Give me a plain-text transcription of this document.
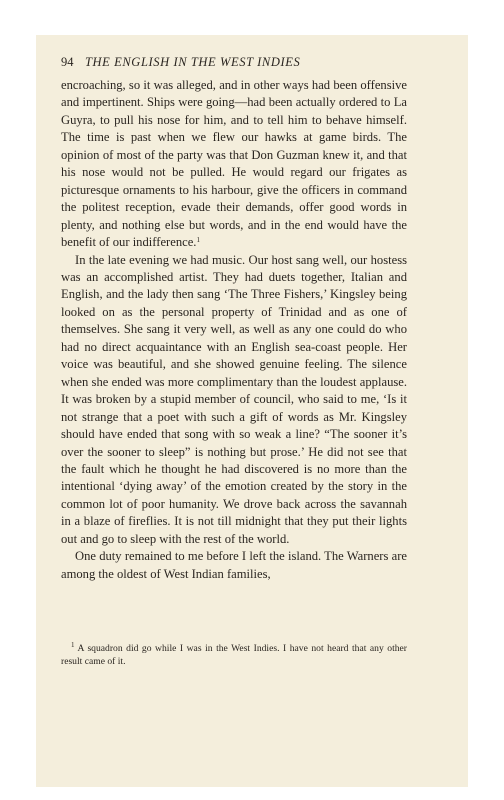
94 THE ENGLISH IN THE WEST INDIES

encroaching, so it was alleged, and in other ways had been offensive and impertinent. Ships were going—had been actually ordered to La Guyra, to pull his nose for him, and to tell him to behave himself. The time is past when we flew our hawks at game birds. The opinion of most of the party was that Don Guzman knew it, and that his nose would not be pulled. He would regard our frigates as picturesque ornaments to his harbour, give the officers in command the politest reception, evade their demands, offer good words in plenty, and nothing else but words, and in the end would have the benefit of our indifference.$^1$

In the late evening we had music. Our host sang well, our hostess was an accomplished artist. They had duets together, Italian and English, and the lady then sang ‘The Three Fishers,’ Kingsley being looked on as the personal property of Trinidad and as one of themselves. She sang it very well, as well as any one could do who had no direct acquaintance with an English sea-coast people. Her voice was beautiful, and she showed genuine feeling. The silence when she ended was more complimentary than the loudest applause. It was broken by a stupid member of council, who said to me, ‘Is it not strange that a poet with such a gift of words as Mr. Kingsley should have ended that song with so weak a line? “The sooner it’s over the sooner to sleep” is nothing but prose.’ He did not see that the fault which he thought he had discovered is no more than the intentional ‘dying away’ of the emotion created by the story in the common lot of poor humanity. We drove back across the savannah in a blaze of fireflies. It is not till midnight that they put their lights out and go to sleep with the rest of the world.

One duty remained to me before I left the island. The Warners are among the oldest of West Indian families,

$^1$ A squadron did go while I was in the West Indies. I have not heard that any other result came of it.
